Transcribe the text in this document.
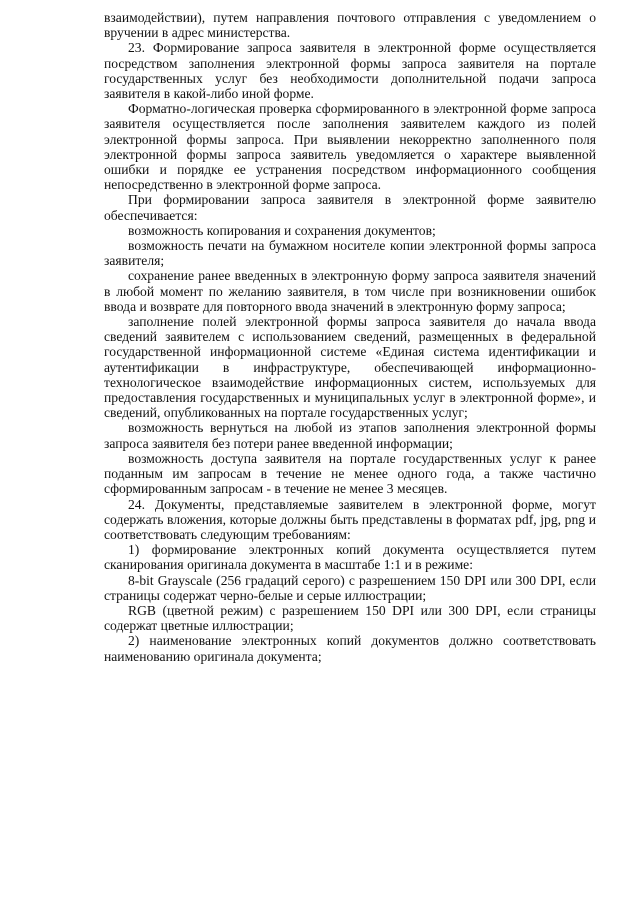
взаимодействии), путем направления почтового отправления с уведомлением о вручении в адрес министерства.

23. Формирование запроса заявителя в электронной форме осуществляется посредством заполнения электронной формы запроса заявителя на портале государственных услуг без необходимости дополнительной подачи запроса заявителя в какой-либо иной форме.

Форматно-логическая проверка сформированного в электронной форме запроса заявителя осуществляется после заполнения заявителем каждого из полей электронной формы запроса. При выявлении некорректно заполненного поля электронной формы запроса заявитель уведомляется о характере выявленной ошибки и порядке ее устранения посредством информационного сообщения непосредственно в электронной форме запроса.

При формировании запроса заявителя в электронной форме заявителю обеспечивается:

возможность копирования и сохранения документов;

возможность печати на бумажном носителе копии электронной формы запроса заявителя;

сохранение ранее введенных в электронную форму запроса заявителя значений в любой момент по желанию заявителя, в том числе при возникновении ошибок ввода и возврате для повторного ввода значений в электронную форму запроса;

заполнение полей электронной формы запроса заявителя до начала ввода сведений заявителем с использованием сведений, размещенных в федеральной государственной информационной системе «Единая система идентификации и аутентификации в инфраструктуре, обеспечивающей информационно-технологическое взаимодействие информационных систем, используемых для предоставления государственных и муниципальных услуг в электронной форме», и сведений, опубликованных на портале государственных услуг;

возможность вернуться на любой из этапов заполнения электронной формы запроса заявителя без потери ранее введенной информации;

возможность доступа заявителя на портале государственных услуг к ранее поданным им запросам в течение не менее одного года, а также частично сформированным запросам - в течение не менее 3 месяцев.

24. Документы, представляемые заявителем в электронной форме, могут содержать вложения, которые должны быть представлены в форматах pdf, jpg, png и соответствовать следующим требованиям:

1) формирование электронных копий документа осуществляется путем сканирования оригинала документа в масштабе 1:1 и в режиме:

8-bit Grayscale (256 градаций серого) с разрешением 150 DPI или 300 DPI, если страницы содержат черно-белые и серые иллюстрации;

RGB (цветной режим) с разрешением 150 DPI или 300 DPI, если страницы содержат цветные иллюстрации;

2) наименование электронных копий документов должно соответствовать наименованию оригинала документа;
